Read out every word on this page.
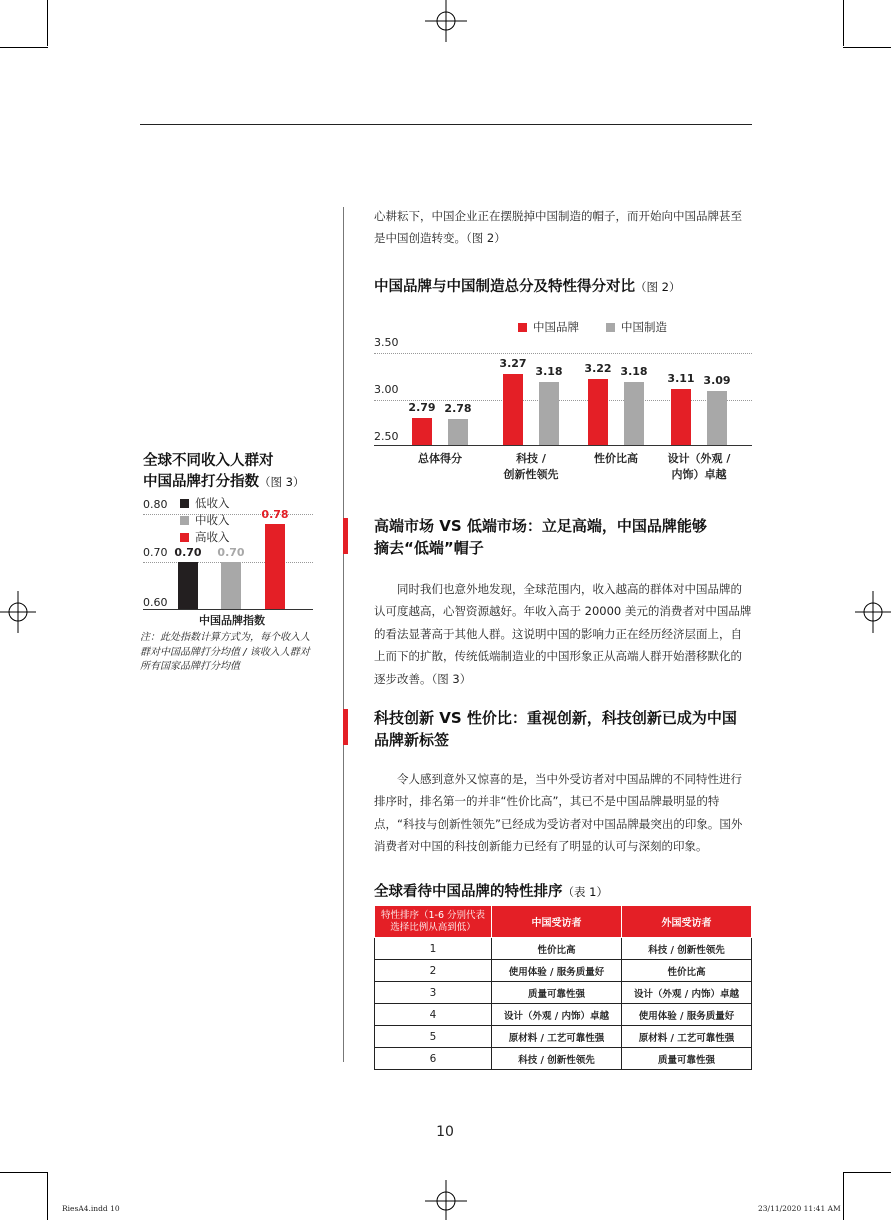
心耕耘下，中国企业正在摆脱掉中国制造的帽子，而开始向中国品牌甚至是中国创造转变。（图 2）
中国品牌与中国制造总分及特性得分对比（图 2）
中国品牌	中国制造
3.50
3.00
2.50
2.79 2.78
总体得分
3.27
3.18
科技 /
创新性领先
3.22 3.18
性价比高
3.11 3.09
设计（外观 /
内饰）卓越
全球不同收入人群对
中国品牌打分指数（图 3）
0.80
0.70
0.60
低收入
中收入
高收入
0.70	0.70
0.78
中国品牌指数
注：此处指数计算方式为，每个收入人群对中国品牌打分均值 / 该收入人群对所有国家品牌打分均值
高端市场 VS 低端市场：立足高端，中国品牌能够
摘去“低端”帽子
　　同时我们也意外地发现，全球范围内，收入越高的群体对中国品牌的认可度越高，心智资源越好。年收入高于 20000 美元的消费者对中国品牌的看法显著高于其他人群。这说明中国的影响力正在经历经济层面上，自上而下的扩散，传统低端制造业的中国形象正从高端人群开始潜移默化的逐步改善。（图 3）
科技创新 VS 性价比：重视创新，科技创新已成为中国
品牌新标签
　　令人感到意外又惊喜的是，当中外受访者对中国品牌的不同特性进行排序时，排名第一的并非“性价比高”，其已不是中国品牌最明显的特点，“科技与创新性领先”已经成为受访者对中国品牌最突出的印象。国外消费者对中国的科技创新能力已经有了明显的认可与深刻的印象。
全球看待中国品牌的特性排序（表 1）
特性排序（1-6 分别代表选择比例从高到低）	中国受访者	外国受访者
1	性价比高	科技 / 创新性领先
2	使用体验 / 服务质量好	性价比高
3	质量可靠性强	设计（外观 / 内饰）卓越
4	设计（外观 / 内饰）卓越	使用体验 / 服务质量好
5	原材料 / 工艺可靠性强	原材料 / 工艺可靠性强
6	科技 / 创新性领先	质量可靠性强
10
RiesA4.indd 10	23/11/2020 11:41 AM
